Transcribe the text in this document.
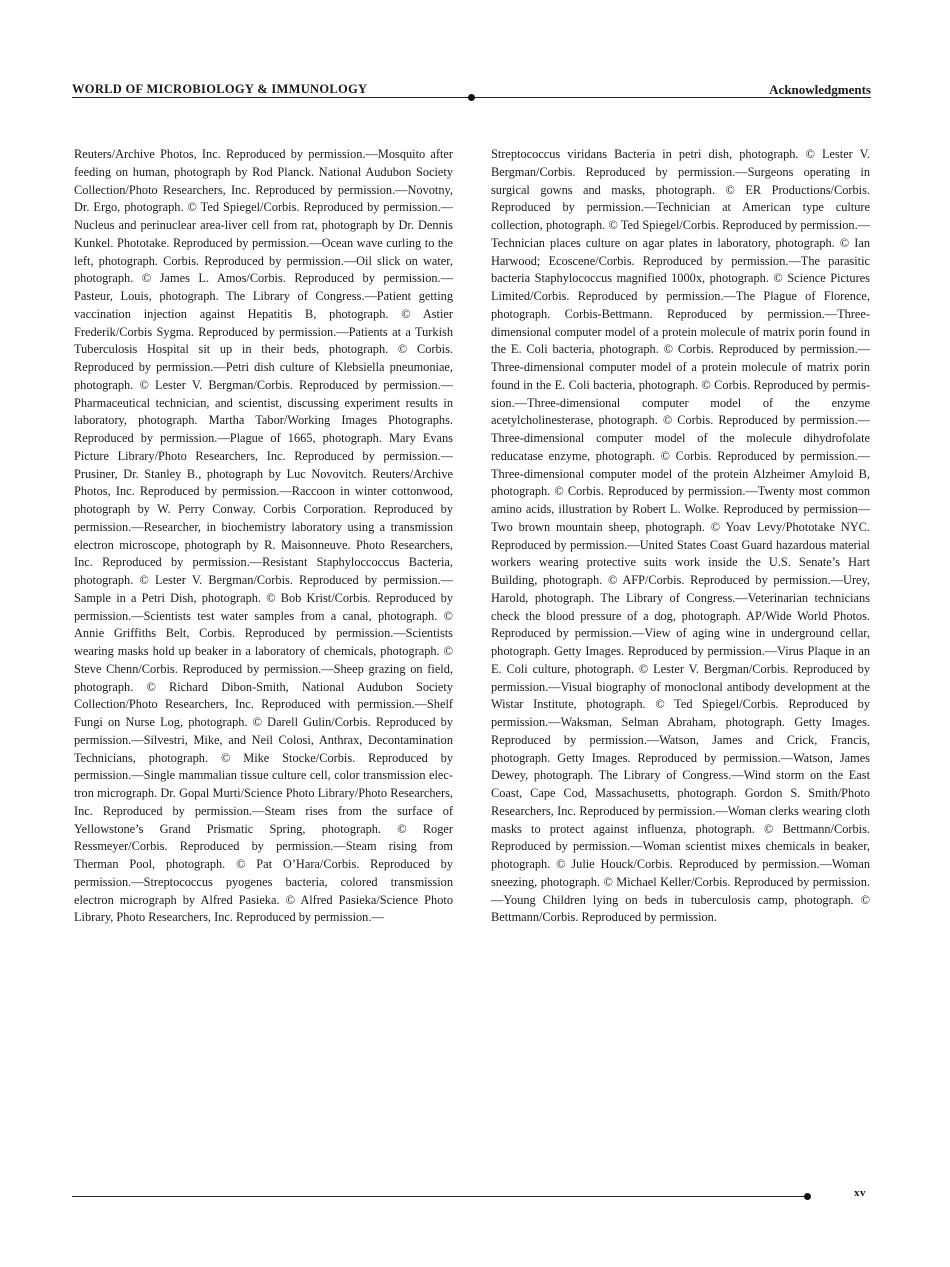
WORLD OF MICROBIOLOGY & IMMUNOLOGY	Acknowledgments
Reuters/Archive Photos, Inc. Reproduced by permission.—Mosquito after feeding on human, photograph by Rod Planck. National Audubon Society Collection/Photo Researchers, Inc. Reproduced by permission.—Novotny, Dr. Ergo, photograph. © Ted Spiegel/Corbis. Reproduced by permission.—Nucleus and perinuclear area-liver cell from rat, photograph by Dr. Dennis Kunkel. Phototake. Reproduced by permission.—Ocean wave curling to the left, photograph. Corbis. Reproduced by permission.—Oil slick on water, photograph. © James L. Amos/Corbis. Reproduced by permission.—Pasteur, Louis, photograph. The Library of Congress.—Patient getting vaccination injection against Hepatitis B, photograph. © Astier Frederik/Corbis Sygma. Reproduced by permission.—Patients at a Turkish Tuberculosis Hospital sit up in their beds, photograph. © Corbis. Reproduced by permission.—Petri dish culture of Klebsiella pneumoniae, photograph. © Lester V. Bergman/Corbis. Reproduced by permission.—Pharmaceutical technician, and scientist, discussing experiment results in laboratory, photograph. Martha Tabor/Working Images Photographs. Reproduced by permission.—Plague of 1665, photograph. Mary Evans Picture Library/Photo Researchers, Inc. Reproduced by permission.—Prusiner, Dr. Stanley B., photograph by Luc Novovitch. Reuters/Archive Photos, Inc. Reproduced by permission.—Raccoon in winter cottonwood, photograph by W. Perry Conway. Corbis Corporation. Reproduced by permission.—Researcher, in biochemistry laboratory using a transmission electron microscope, photograph by R. Maisonneuve. Photo Researchers, Inc. Reproduced by permission.—Resistant Staphyloccoccus Bacteria, photograph. © Lester V. Bergman/Corbis. Reproduced by permission.—Sample in a Petri Dish, photograph. © Bob Krist/Corbis. Reproduced by permission.—Scientists test water samples from a canal, photograph. © Annie Griffiths Belt, Corbis. Reproduced by permission.—Scientists wearing masks hold up beaker in a laboratory of chemicals, photograph. © Steve Chenn/Corbis. Reproduced by permission.—Sheep grazing on field, photograph. © Richard Dibon-Smith, National Audubon Society Collection/Photo Researchers, Inc. Reproduced with permission.—Shelf Fungi on Nurse Log, photograph. © Darell Gulin/Corbis. Reproduced by permission.—Silvestri, Mike, and Neil Colosi, Anthrax, Decontamination Technicians, photograph. © Mike Stocke/Corbis. Reproduced by permission.—Single mammalian tissue culture cell, color transmission electron micrograph. Dr. Gopal Murti/Science Photo Library/Photo Researchers, Inc. Reproduced by permission.—Steam rises from the surface of Yellowstone’s Grand Prismatic Spring, photograph. © Roger Ressmeyer/Corbis. Reproduced by permission.—Steam rising from Therman Pool, photograph. © Pat O’Hara/Corbis. Reproduced by permission.—Streptococcus pyogenes bacteria, colored transmission electron micrograph by Alfred Pasieka. © Alfred Pasieka/Science Photo Library, Photo Researchers, Inc. Reproduced by permission.—
Streptococcus viridans Bacteria in petri dish, photograph. © Lester V. Bergman/Corbis. Reproduced by permission.—Surgeons operating in surgical gowns and masks, photograph. © ER Productions/Corbis. Reproduced by permission.—Technician at American type culture collection, photograph. © Ted Spiegel/Corbis. Reproduced by permission.—Technician places culture on agar plates in laboratory, photograph. © Ian Harwood; Ecoscene/Corbis. Reproduced by permission.—The parasitic bacteria Staphylococcus magnified 1000x, photograph. © Science Pictures Limited/Corbis. Reproduced by permission.—The Plague of Florence, photograph. Corbis-Bettmann. Reproduced by permission.—Three-dimensional computer model of a protein molecule of matrix porin found in the E. Coli bacteria, photograph. © Corbis. Reproduced by permission.—Three-dimensional computer model of a protein molecule of matrix porin found in the E. Coli bacteria, photograph. © Corbis. Reproduced by permission.—Three-dimensional computer model of the enzyme acetylcholinesterase, photograph. © Corbis. Reproduced by permission.—Three-dimensional computer model of the molecule dihydrofolate reducatase enzyme, photograph. © Corbis. Reproduced by permission.—Three-dimensional computer model of the protein Alzheimer Amyloid B, photograph. © Corbis. Reproduced by permission.—Twenty most common amino acids, illustration by Robert L. Wolke. Reproduced by permission—Two brown mountain sheep, photograph. © Yoav Levy/Phototake NYC. Reproduced by permission.—United States Coast Guard hazardous material workers wearing protective suits work inside the U.S. Senate’s Hart Building, photograph. © AFP/Corbis. Reproduced by permission.—Urey, Harold, photograph. The Library of Congress.—Veterinarian technicians check the blood pressure of a dog, photograph. AP/Wide World Photos. Reproduced by permission.—View of aging wine in underground cellar, photograph. Getty Images. Reproduced by permission.—Virus Plaque in an E. Coli culture, photograph. © Lester V. Bergman/Corbis. Reproduced by permission.—Visual biography of monoclonal antibody development at the Wistar Institute, photograph. © Ted Spiegel/Corbis. Reproduced by permission.—Waksman, Selman Abraham, photograph. Getty Images. Reproduced by permission.—Watson, James and Crick, Francis, photograph. Getty Images. Reproduced by permission.—Watson, James Dewey, photograph. The Library of Congress.—Wind storm on the East Coast, Cape Cod, Massachusetts, photograph. Gordon S. Smith/Photo Researchers, Inc. Reproduced by permission.—Woman clerks wearing cloth masks to protect against influenza, photograph. © Bettmann/Corbis. Reproduced by permission.—Woman scientist mixes chemicals in beaker, photograph. © Julie Houck/Corbis. Reproduced by permission.—Woman sneezing, photograph. © Michael Keller/Corbis. Reproduced by permission.—Young Children lying on beds in tuberculosis camp, photograph. © Bettmann/Corbis. Reproduced by permission.
xv
